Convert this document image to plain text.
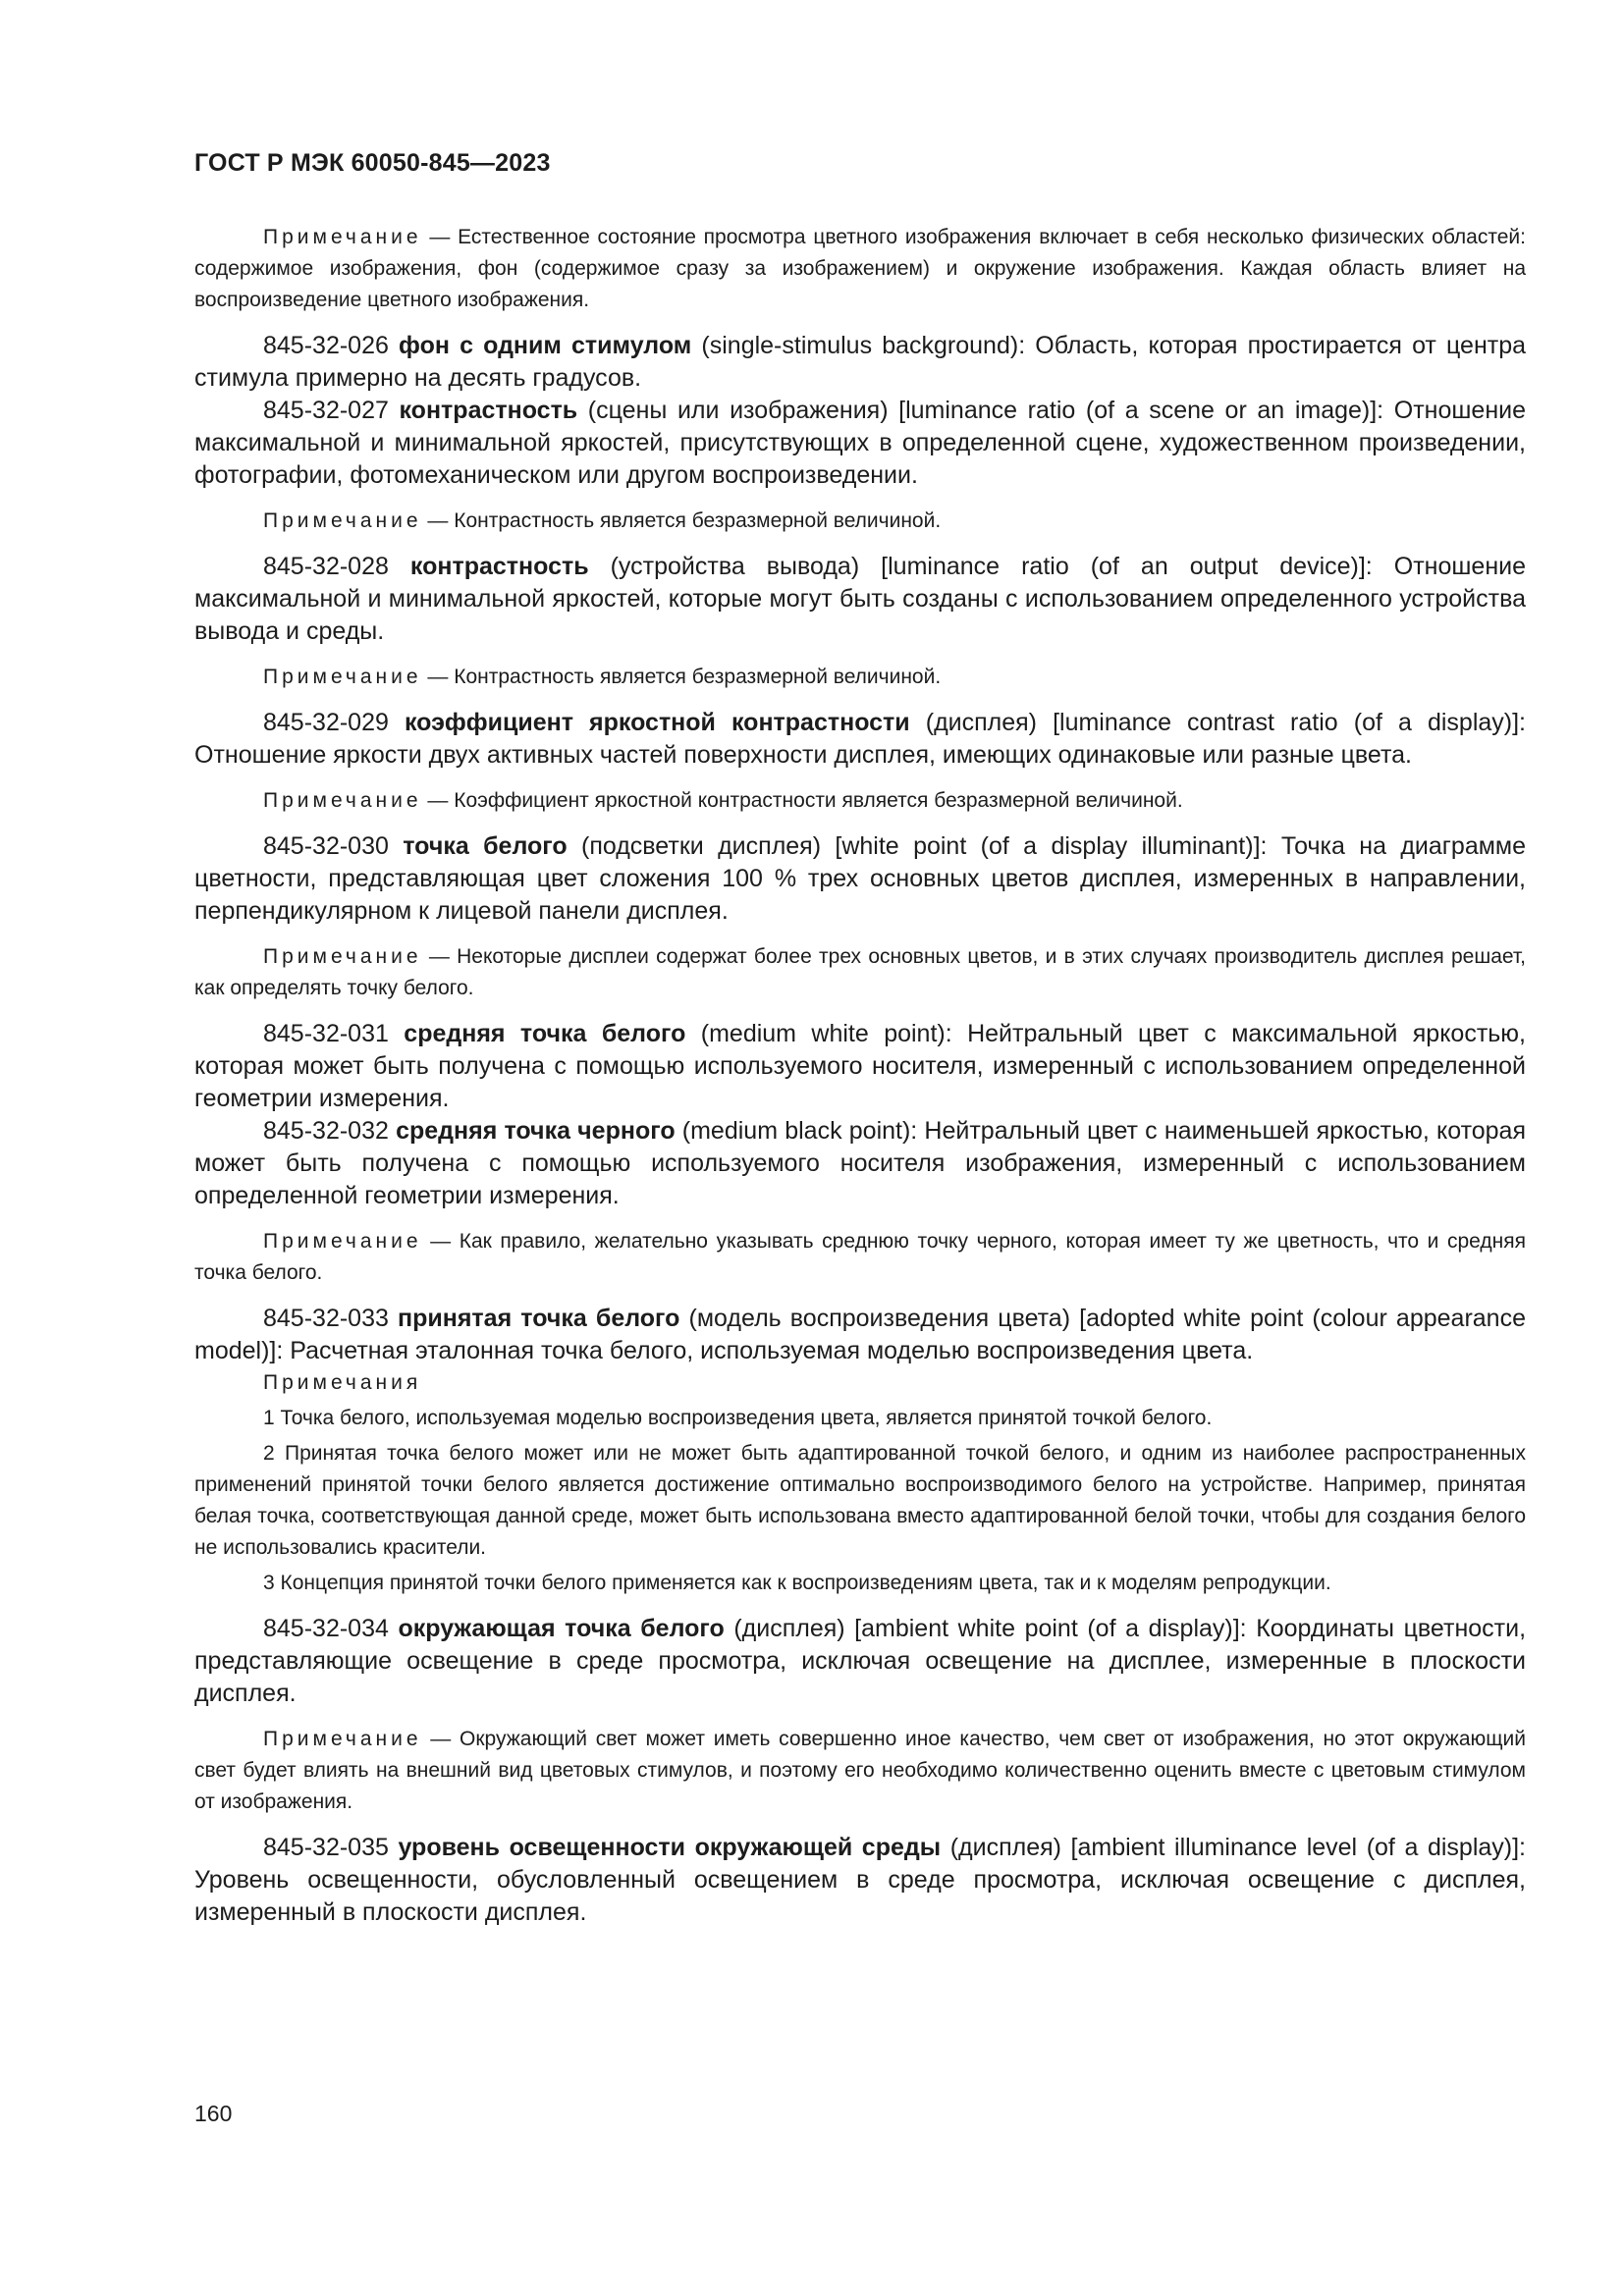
ГОСТ Р МЭК 60050-845—2023

Примечание — Естественное состояние просмотра цветного изображения включает в себя несколько физических областей: содержимое изображения, фон (содержимое сразу за изображением) и окружение изображения. Каждая область влияет на воспроизведение цветного изображения.

845-32-026 фон с одним стимулом (single-stimulus background): Область, которая простирается от центра стимула примерно на десять градусов.

845-32-027 контрастность (сцены или изображения) [luminance ratio (of a scene or an image)]: Отношение максимальной и минимальной яркостей, присутствующих в определенной сцене, художественном произведении, фотографии, фотомеханическом или другом воспроизведении.

Примечание — Контрастность является безразмерной величиной.

845-32-028 контрастность (устройства вывода) [luminance ratio (of an output device)]: Отношение максимальной и минимальной яркостей, которые могут быть созданы с использованием определенного устройства вывода и среды.

Примечание — Контрастность является безразмерной величиной.

845-32-029 коэффициент яркостной контрастности (дисплея) [luminance contrast ratio (of a display)]: Отношение яркости двух активных частей поверхности дисплея, имеющих одинаковые или разные цвета.

Примечание — Коэффициент яркостной контрастности является безразмерной величиной.

845-32-030 точка белого (подсветки дисплея) [white point (of a display illuminant)]: Точка на диаграмме цветности, представляющая цвет сложения 100 % трех основных цветов дисплея, измеренных в направлении, перпендикулярном к лицевой панели дисплея.

Примечание — Некоторые дисплеи содержат более трех основных цветов, и в этих случаях производитель дисплея решает, как определять точку белого.

845-32-031 средняя точка белого (medium white point): Нейтральный цвет с максимальной яркостью, которая может быть получена с помощью используемого носителя, измеренный с использованием определенной геометрии измерения.

845-32-032 средняя точка черного (medium black point): Нейтральный цвет с наименьшей яркостью, которая может быть получена с помощью используемого носителя изображения, измеренный с использованием определенной геометрии измерения.

Примечание — Как правило, желательно указывать среднюю точку черного, которая имеет ту же цветность, что и средняя точка белого.

845-32-033 принятая точка белого (модель воспроизведения цвета) [adopted white point (colour appearance model)]: Расчетная эталонная точка белого, используемая моделью воспроизведения цвета.

Примечания

1 Точка белого, используемая моделью воспроизведения цвета, является принятой точкой белого.

2 Принятая точка белого может или не может быть адаптированной точкой белого, и одним из наиболее распространенных применений принятой точки белого является достижение оптимально воспроизводимого белого на устройстве. Например, принятая белая точка, соответствующая данной среде, может быть использована вместо адаптированной белой точки, чтобы для создания белого не использовались красители.

3 Концепция принятой точки белого применяется как к воспроизведениям цвета, так и к моделям репродукции.

845-32-034 окружающая точка белого (дисплея) [ambient white point (of a display)]: Координаты цветности, представляющие освещение в среде просмотра, исключая освещение на дисплее, измеренные в плоскости дисплея.

Примечание — Окружающий свет может иметь совершенно иное качество, чем свет от изображения, но этот окружающий свет будет влиять на внешний вид цветовых стимулов, и поэтому его необходимо количественно оценить вместе с цветовым стимулом от изображения.

845-32-035 уровень освещенности окружающей среды (дисплея) [ambient illuminance level (of a display)]: Уровень освещенности, обусловленный освещением в среде просмотра, исключая освещение с дисплея, измеренный в плоскости дисплея.

160
